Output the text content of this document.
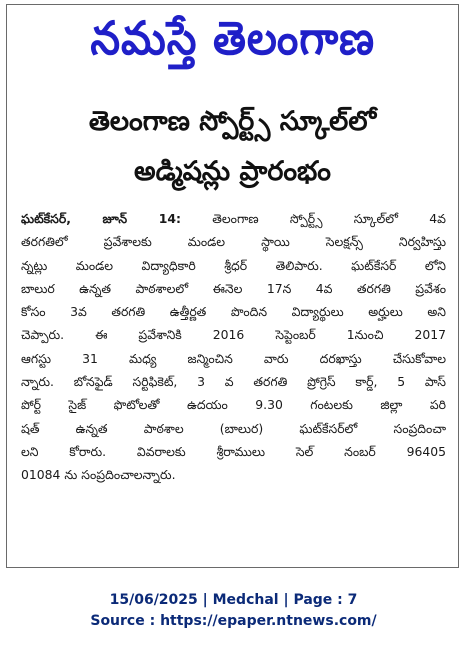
నమస్తే తెలంగాణ
తెలంగాణ స్పోర్ట్స్ స్కూల్‌లో
అడ్మిషన్లు ప్రారంభం
ఘట్‌కేసర్, జూన్ 14:	తెలంగాణ స్పోర్ట్స్ స్కూల్‌లో 4వ
తరగతిలో ప్రవేశాలకు మండల స్థాయి సెలక్షన్స్ నిర్వహిస్తు
న్నట్లు మండల విద్యాధికారి శ్రీధర్ తెలిపారు. ఘట్‌కేసర్ లోని
బాలుర ఉన్నత పాఠశాలలో ఈనెల 17న 4వ తరగతి ప్రవేశం
కోసం 3వ తరగతి ఉత్తీర్ణత పొందిన విద్యార్థులు అర్హులు అని
చెప్పారు. ఈ ప్రవేశానికి 2016 సెప్టెంబర్ 1నుంచి 2017
ఆగస్టు 31 మధ్య జన్మించిన వారు దరఖాస్తు చేసుకోవాల
న్నారు. బోనఫైడ్ సర్టిఫికెట్, 3 వ తరగతి ప్రోగ్రెస్ కార్డ్, 5 పాస్
పోర్ట్ సైజ్ ఫొటోలతో ఉదయం 9.30 గంటలకు జిల్లా పరి
షత్ ఉన్నత పాఠశాల (బాలుర) ఘట్‌కేసర్‌లో సంప్రదించా
లని కోరారు. వివరాలకు శ్రీరాములు సెల్ నంబర్ 96405
01084 ను సంప్రదించాలన్నారు.
15/06/2025 | Medchal | Page : 7
Source : https://epaper.ntnews.com/
